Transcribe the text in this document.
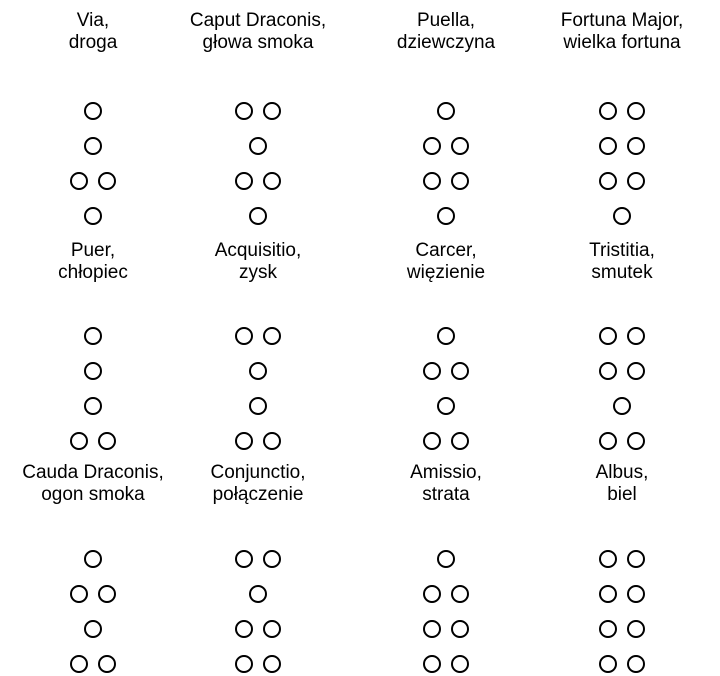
Via,
droga
Caput Draconis,
głowa smoka
Puella,
dziewczyna
Fortuna Major,
wielka fortuna
Puer,
chłopiec
Acquisitio,
zysk
Carcer,
więzienie
Tristitia,
smutek
Cauda Draconis,
ogon smoka
Conjunctio,
połączenie
Amissio,
strata
Albus,
biel
